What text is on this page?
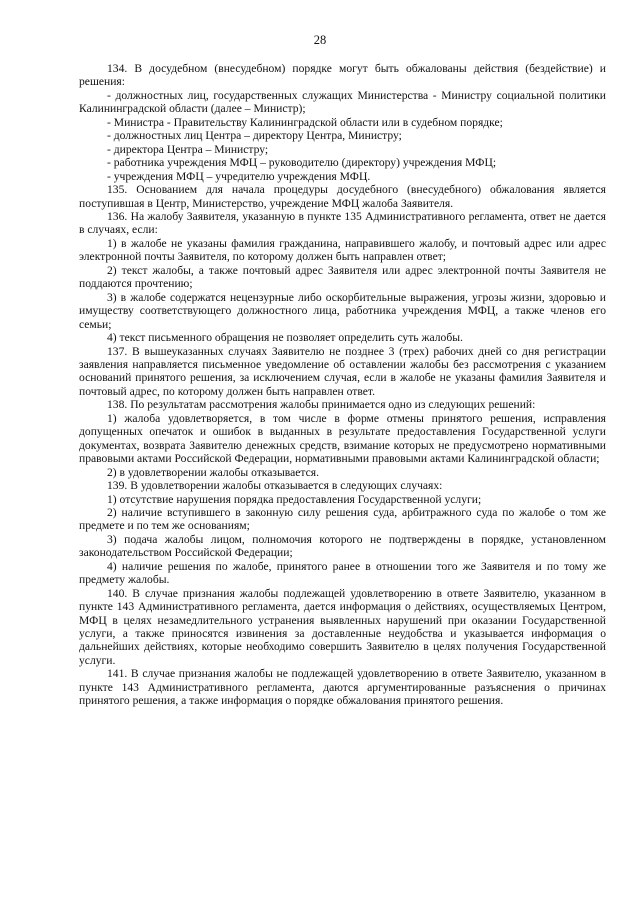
28

134. В досудебном (внесудебном) порядке могут быть обжалованы действия (бездействие) и решения:

- должностных лиц, государственных служащих Министерства - Министру социальной политики Калининградской области (далее – Министр);

- Министра - Правительству Калининградской области или в судебном порядке;

- должностных лиц Центра – директору Центра, Министру;

- директора Центра – Министру;

- работника учреждения МФЦ – руководителю (директору) учреждения МФЦ;

- учреждения МФЦ – учредителю учреждения МФЦ.

135. Основанием для начала процедуры досудебного (внесудебного) обжалования является поступившая в Центр, Министерство, учреждение МФЦ жалоба Заявителя.

136. На жалобу Заявителя, указанную в пункте 135 Административного регламента, ответ не дается в случаях, если:

1) в жалобе не указаны фамилия гражданина, направившего жалобу, и почтовый адрес или адрес электронной почты Заявителя, по которому должен быть направлен ответ;

2) текст жалобы, а также почтовый адрес Заявителя или адрес электронной почты Заявителя не поддаются прочтению;

3) в жалобе содержатся нецензурные либо оскорбительные выражения, угрозы жизни, здоровью и имуществу соответствующего должностного лица, работника учреждения МФЦ, а также членов его семьи;

4) текст письменного обращения не позволяет определить суть жалобы.

137. В вышеуказанных случаях Заявителю не позднее 3 (трех) рабочих дней со дня регистрации заявления направляется письменное уведомление об оставлении жалобы без рассмотрения с указанием оснований принятого решения, за исключением случая, если в жалобе не указаны фамилия Заявителя и почтовый адрес, по которому должен быть направлен ответ.

138. По результатам рассмотрения жалобы принимается одно из следующих решений:

1) жалоба удовлетворяется, в том числе в форме отмены принятого решения, исправления допущенных опечаток и ошибок в выданных в результате предоставления Государственной услуги документах, возврата Заявителю денежных средств, взимание которых не предусмотрено нормативными правовыми актами Российской Федерации, нормативными правовыми актами Калининградской области;

2) в удовлетворении жалобы отказывается.

139. В удовлетворении жалобы отказывается в следующих случаях:

1) отсутствие нарушения порядка предоставления Государственной услуги;

2) наличие вступившего в законную силу решения суда, арбитражного суда по жалобе о том же предмете и по тем же основаниям;

3) подача жалобы лицом, полномочия которого не подтверждены в порядке, установленном законодательством Российской Федерации;

4) наличие решения по жалобе, принятого ранее в отношении того же Заявителя и по тому же предмету жалобы.

140. В случае признания жалобы подлежащей удовлетворению в ответе Заявителю, указанном в пункте 143 Административного регламента, дается информация о действиях, осуществляемых Центром, МФЦ в целях незамедлительного устранения выявленных нарушений при оказании Государственной услуги, а также приносятся извинения за доставленные неудобства и указывается информация о дальнейших действиях, которые необходимо совершить Заявителю в целях получения Государственной услуги.

141. В случае признания жалобы не подлежащей удовлетворению в ответе Заявителю, указанном в пункте 143 Административного регламента, даются аргументированные разъяснения о причинах принятого решения, а также информация о порядке обжалования принятого решения.
